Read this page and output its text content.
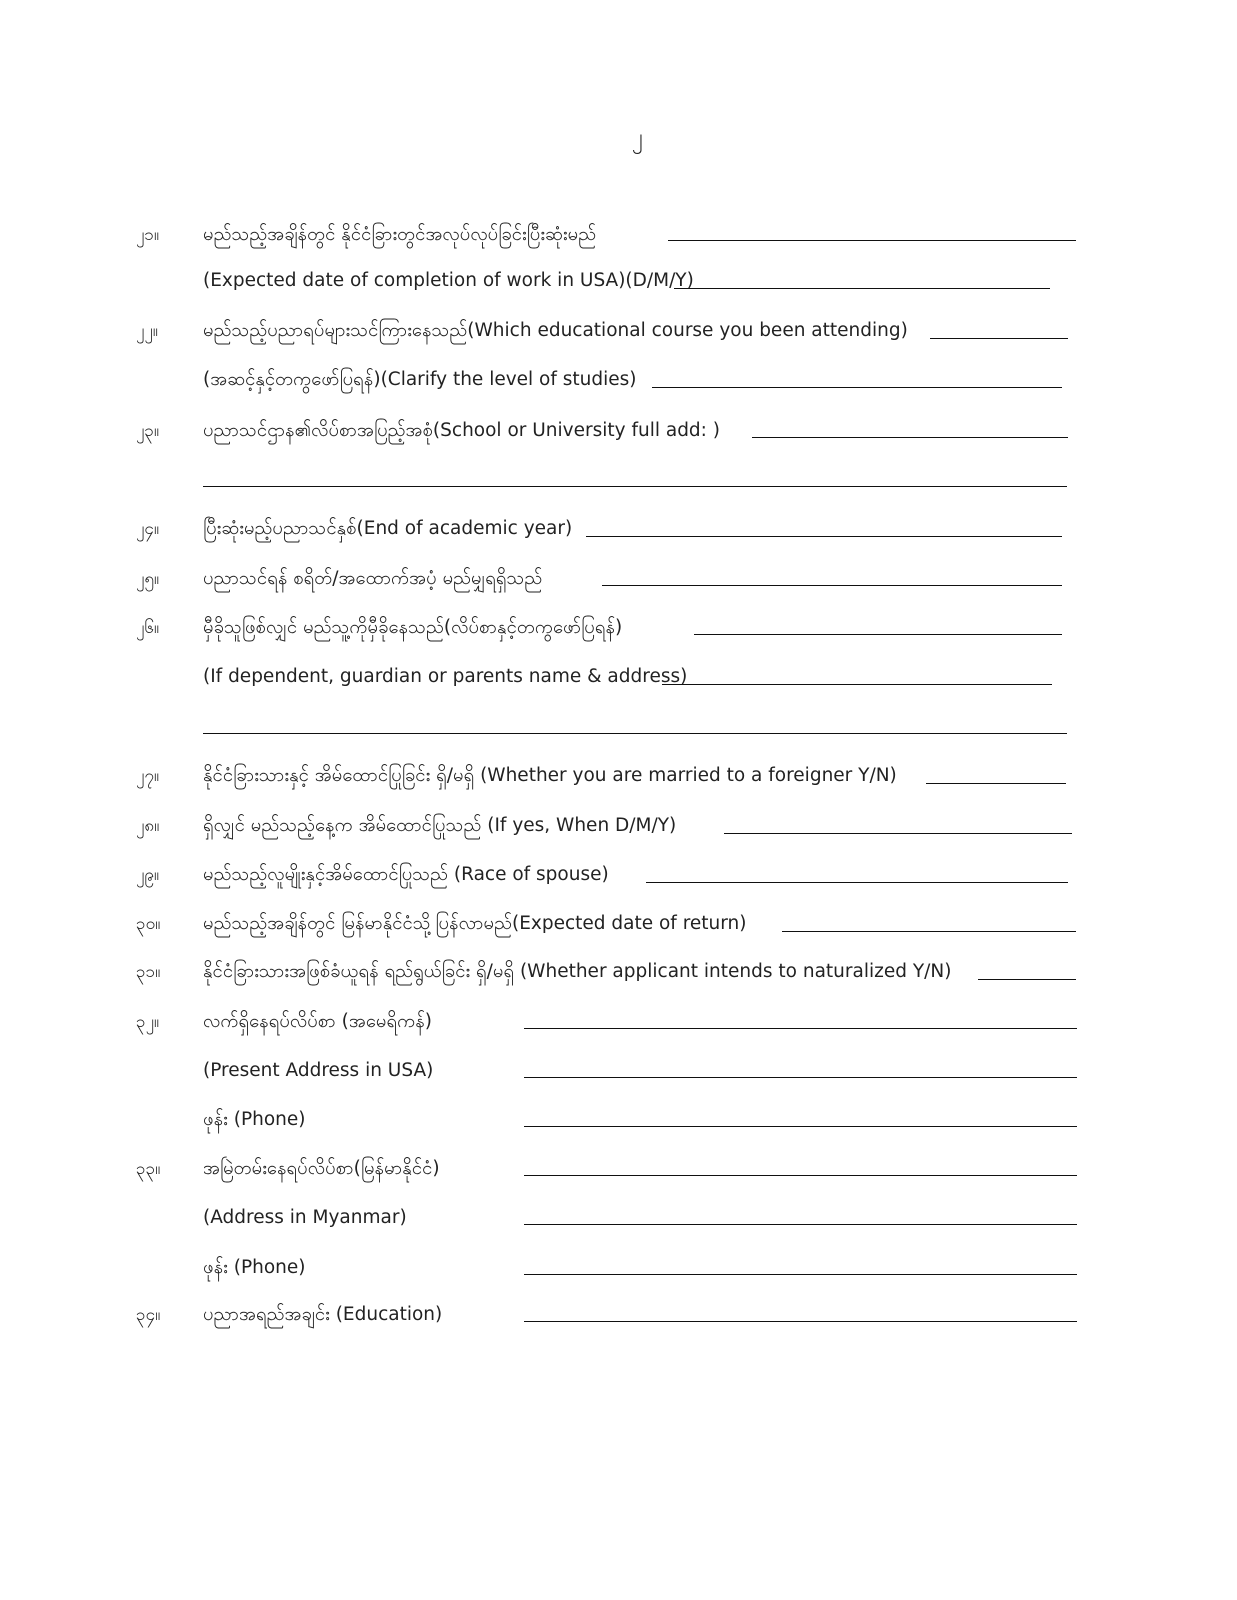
၂
၂၁။ မည်သည့်အချိန်တွင် နိုင်ငံခြားတွင်အလုပ်လုပ်ခြင်းပြီးဆုံးမည်
(Expected date of completion of work in USA)(D/M/Y)
၂၂။ မည်သည့်ပညာရပ်များသင်ကြားနေသည်(Which educational course you been attending)
(အဆင့်နှင့်တကွဖော်ပြရန်)(Clarify the level of studies)
၂၃။ ပညာသင်ဌာန၏လိပ်စာအပြည့်အစုံ(School or University full add: )
၂၄။ ပြီးဆုံးမည့်ပညာသင်နှစ်(End of academic year)
၂၅။ ပညာသင်ရန် စရိတ်/အထောက်အပံ့ မည်မျှရရှိသည်
၂၆။ မှီခိုသူဖြစ်လျှင် မည်သူ့ကိုမှီခိုနေသည်(လိပ်စာနှင့်တကွဖော်ပြရန်)
(If dependent, guardian or parents name & address)
၂၇။ နိုင်ငံခြားသားနှင့် အိမ်ထောင်ပြုခြင်း ရှိ/မရှိ (Whether you are married to a foreigner Y/N)
၂၈။ ရှိလျှင် မည်သည့်နေ့က အိမ်ထောင်ပြုသည် (If yes, When D/M/Y)
၂၉။ မည်သည့်လူမျိုးနှင့်အိမ်ထောင်ပြုသည် (Race of spouse)
၃၀။ မည်သည့်အချိန်တွင် မြန်မာနိုင်ငံသို့ပြန်လာမည်(Expected date of return)
၃၁။ နိုင်ငံခြားသားအဖြစ်ခံယူရန် ရည်ရွယ်ခြင်း ရှိ/မရှိ (Whether applicant intends to naturalized Y/N)
၃၂။ လက်ရှိနေရပ်လိပ်စာ (အမေရိကန်)
(Present Address in USA)
ဖုန်း (Phone)
၃၃။ အမြဲတမ်းနေရပ်လိပ်စာ(မြန်မာနိုင်ငံ)
(Address in Myanmar)
ဖုန်း (Phone)
၃၄။ ပညာအရည်အချင်း (Education)
